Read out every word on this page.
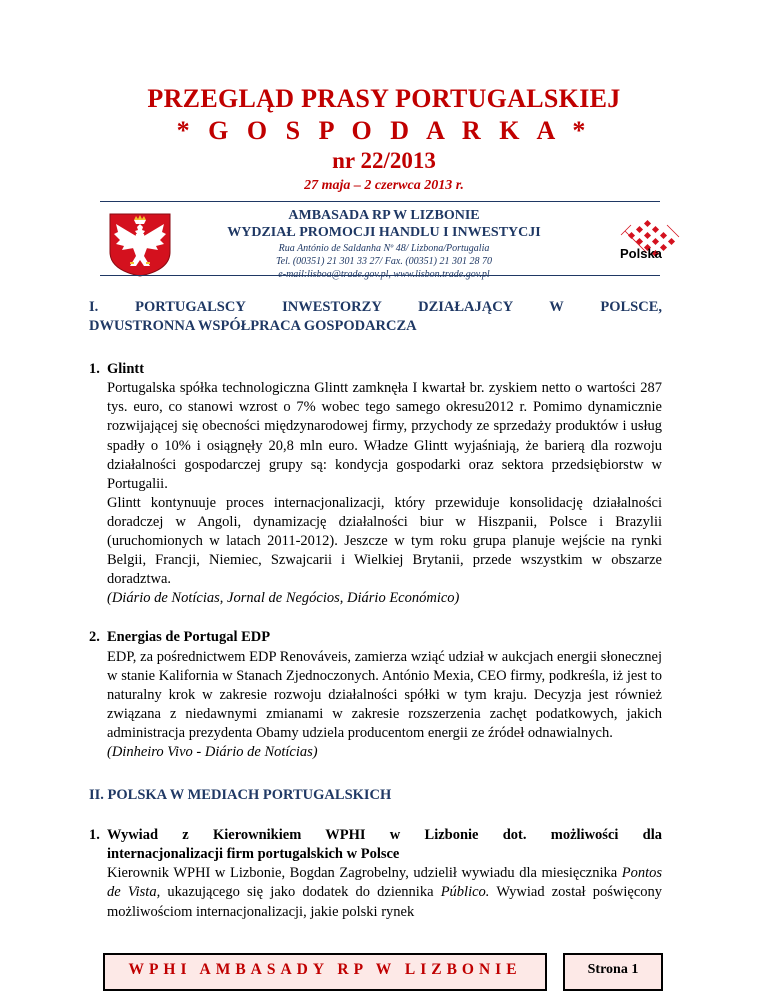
PRZEGLĄD PRASY PORTUGALSKIEJ
* G O S P O D A R K A *
nr 22/2013
27 maja – 2 czerwca 2013 r.
AMBASADA RP W LIZBONIE
WYDZIAŁ PROMOCJI HANDLU I INWESTYCJI
Rua António de Saldanha Nº 48/ Lizbona/Portugalia
Tel. (00351) 21 301 33 27/ Fax. (00351) 21 301 28 70
e-mail:lisboa@trade.gov.pl, www.lisbon.trade.gov.pl
Polska
I. PORTUGALSCY INWESTORZY DZIAŁAJĄCY W POLSCE,
DWUSTRONNA WSPÓŁPRACA GOSPODARCZA
1. Glintt

Portugalska spółka technologiczna Glintt zamknęła I kwartał br. zyskiem netto o wartości 287 tys. euro, co stanowi wzrost o 7% wobec tego samego okresu2012 r. Pomimo dynamicznie rozwijającej się obecności międzynarodowej firmy, przychody ze sprzedaży produktów i usług spadły o 10% i osiągnęły 20,8 mln euro. Władze Glintt wyjaśniają, że barierą dla rozwoju działalności gospodarczej grupy są: kondycja gospodarki oraz sektora przedsiębiorstw w Portugalii.

Glintt kontynuuje proces internacjonalizacji, który przewiduje konsolidację działalności doradczej w Angoli, dynamizację działalności biur w Hiszpanii, Polsce i Brazylii (uruchomionych w latach 2011-2012). Jeszcze w tym roku grupa planuje wejście na rynki Belgii, Francji, Niemiec, Szwajcarii i Wielkiej Brytanii, przede wszystkim w obszarze doradztwa.

(Diário de Notícias, Jornal de Negócios, Diário Económico)

2. Energias de Portugal EDP

EDP, za pośrednictwem EDP Renováveis, zamierza wziąć udział w aukcjach energii słonecznej w stanie Kalifornia w Stanach Zjednoczonych. António Mexia, CEO firmy, podkreśla, iż jest to naturalny krok w zakresie rozwoju działalności spółki w tym kraju. Decyzja jest również związana z niedawnymi zmianami w zakresie rozszerzenia zachęt podatkowych, jakich administracja prezydenta Obamy udziela producentom energii ze źródeł odnawialnych.

(Dinheiro Vivo - Diário de Notícias)

II. POLSKA W MEDIACH PORTUGALSKICH
1. Wywiad z Kierownikiem WPHI w Lizbonie dot. możliwości dla
internacjonalizacji firm portugalskich w Polsce

Kierownik WPHI w Lizbonie, Bogdan Zagrobelny, udzielił wywiadu dla miesięcznika Pontos de Vista, ukazującego się jako dodatek do dziennika Público. Wywiad został poświęcony możliwościom internacjonalizacji, jakie polski rynek

WPHI AMBASADY RP W LIZBONIE	Strona 1
